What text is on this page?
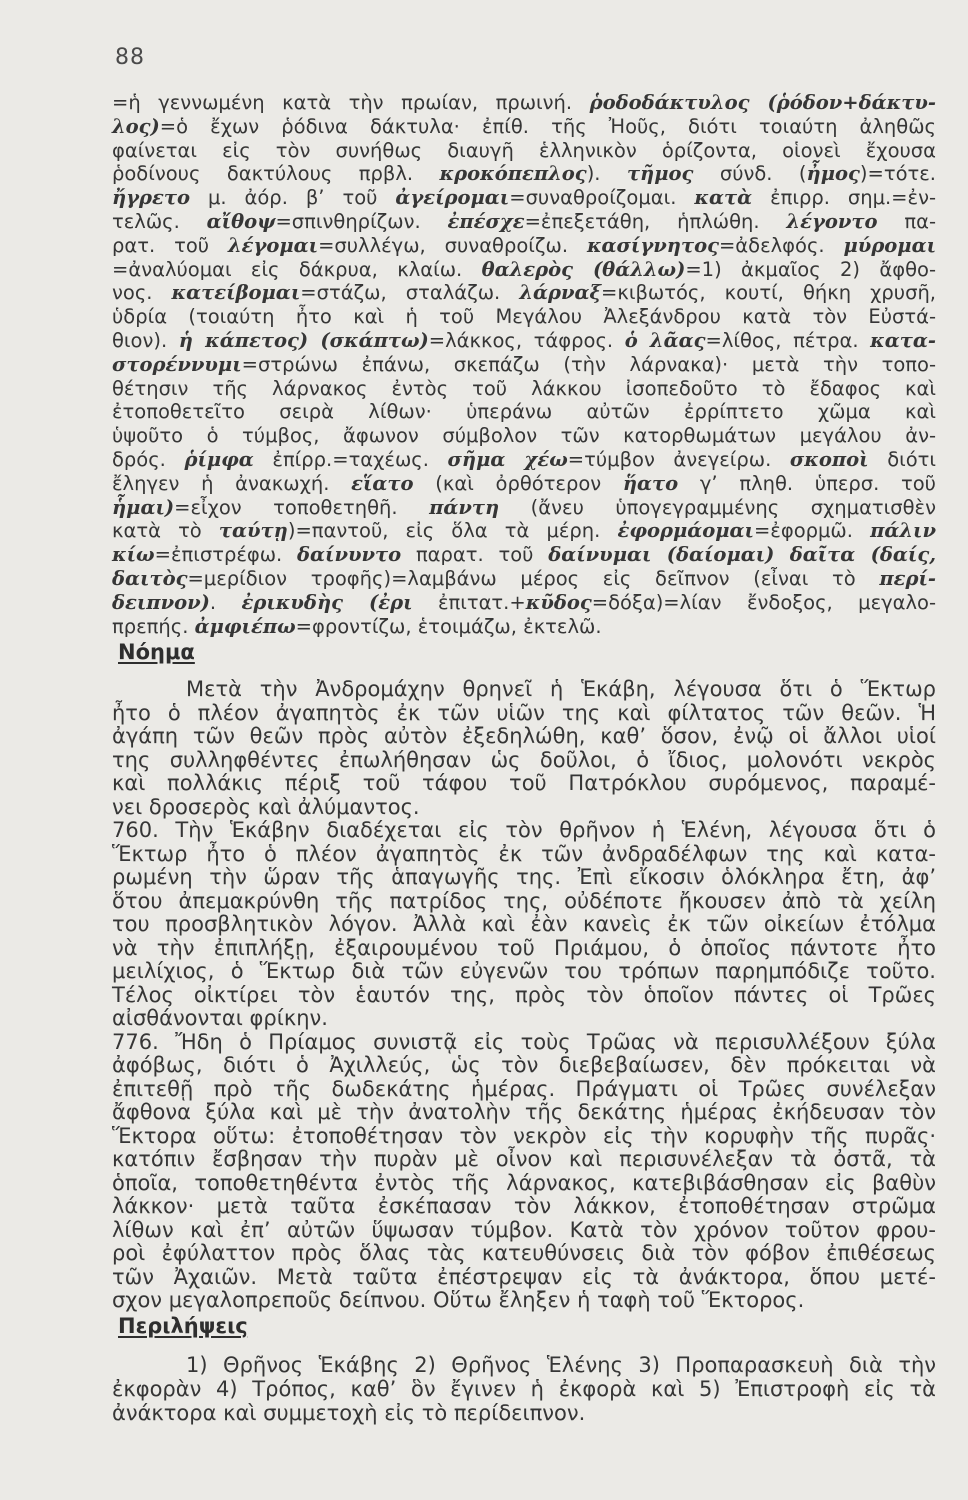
88
=ἡ γεννωμένη κατὰ τὴν πρωίαν, πρωινή. ῥοδοδάκτυλος (ῥόδον+δάκτυ-
λος)=ὁ ἔχων ῥόδινα δάκτυλα· ἐπίθ. τῆς Ἠοῦς, διότι τοιαύτη ἀληθῶς
φαίνεται εἰς τὸν συνήθως διαυγῆ ἑλληνικὸν ὁρίζοντα, οἱονεὶ ἔχουσα
ῥοδίνους δακτύλους πρβλ. κροκόπεπλος). τῆμος σύνδ. (ἦμος)=τότε.
ἤγρετο μ. ἀόρ. β’ τοῦ ἀγείρομαι=συναθροίζομαι. κατὰ ἐπιρρ. σημ.=ἐν-
τελῶς. αἴθοψ=σπινθηρίζων. ἐπέσχε=ἐπεξετάθη, ἡπλώθη. λέγοντο πα-
ρατ. τοῦ λέγομαι=συλλέγω, συναθροίζω. κασίγνητος=ἀδελφός. μύρομαι
=ἀναλύομαι εἰς δάκρυα, κλαίω. θαλερὸς (θάλλω)=1) ἀκμαῖος 2) ἄφθο-
νος. κατείβομαι=στάζω, σταλάζω. λάρναξ=κιβωτός, κουτί, θήκη χρυσῆ,
ὑδρία (τοιαύτη ἦτο καὶ ἡ τοῦ Μεγάλου Ἀλεξάνδρου κατὰ τὸν Εὐστά-
θιον). ἡ κάπετος) (σκάπτω)=λάκκος, τάφρος. ὁ λᾶας=λίθος, πέτρα. κατα-
στορέννυμι=στρώνω ἐπάνω, σκεπάζω (τὴν λάρνακα)· μετὰ τὴν τοπο-
θέτησιν τῆς λάρνακος ἐντὸς τοῦ λάκκου ἰσοπεδοῦτο τὸ ἔδαφος καὶ
ἐτοποθετεῖτο σειρὰ λίθων· ὑπεράνω αὐτῶν ἐρρίπτετο χῶμα καὶ
ὑψοῦτο ὁ τύμβος, ἄφωνον σύμβολον τῶν κατορθωμάτων μεγάλου ἀν-
δρός. ῥίμφα ἐπίρρ.=ταχέως. σῆμα χέω=τύμβον ἀνεγείρω. σκοποὶ διότι
ἔληγεν ἡ ἀνακωχή. εἵατο (καὶ ὀρθότερον ἥατο γ’ πληθ. ὑπερσ. τοῦ
ἧμαι)=εἶχον τοποθετηθῆ. πάντη (ἄνευ ὑπογεγραμμένης σχηματισθὲν
κατὰ τὸ ταύτῃ)=παντοῦ, εἰς ὅλα τὰ μέρη. ἐφορμάομαι=ἐφορμῶ. πάλιν
κίω=ἐπιστρέφω. δαίνυντο παρατ. τοῦ δαίνυμαι (δαίομαι) δαῖτα (δαίς,
δαιτὸς=μερίδιον τροφῆς)=λαμβάνω μέρος εἰς δεῖπνον (εἶναι τὸ περί-
δειπνον). ἐρικυδὴς (ἐρι ἐπιτατ.+κῦδος=δόξα)=λίαν ἔνδοξος, μεγαλο-
πρεπής. ἀμφιέπω=φροντίζω, ἑτοιμάζω, ἐκτελῶ.
Νόημα
Μετὰ τὴν Ἀνδρομάχην θρηνεῖ ἡ Ἑκάβη, λέγουσα ὅτι ὁ Ἕκτωρ
ἦτο ὁ πλέον ἀγαπητὸς ἐκ τῶν υἱῶν της καὶ φίλτατος τῶν θεῶν. Ἡ
ἀγάπη τῶν θεῶν πρὸς αὐτὸν ἐξεδηλώθη, καθ’ ὅσον, ἐνῷ οἱ ἄλλοι υἱοί
της συλληφθέντες ἐπωλήθησαν ὡς δοῦλοι, ὁ ἴδιος, μολονότι νεκρὸς
καὶ πολλάκις πέριξ τοῦ τάφου τοῦ Πατρόκλου συρόμενος, παραμέ-
νει δροσερὸς καὶ ἀλύμαντος.
760. Τὴν Ἑκάβην διαδέχεται εἰς τὸν θρῆνον ἡ Ἑλένη, λέγουσα ὅτι ὁ
Ἕκτωρ ἦτο ὁ πλέον ἀγαπητὸς ἐκ τῶν ἀνδραδέλφων της καὶ κατα-
ρωμένη τὴν ὥραν τῆς ἁπαγωγῆς της. Ἐπὶ εἴκοσιν ὁλόκληρα ἔτη, ἀφ’
ὅτου ἀπεμακρύνθη τῆς πατρίδος της, οὐδέποτε ἤκουσεν ἀπὸ τὰ χείλη
του προσβλητικὸν λόγον. Ἀλλὰ καὶ ἐὰν κανεὶς ἐκ τῶν οἰκείων ἐτόλμα
νὰ τὴν ἐπιπλήξῃ, ἐξαιρουμένου τοῦ Πριάμου, ὁ ὁποῖος πάντοτε ἦτο
μειλίχιος, ὁ Ἕκτωρ διὰ τῶν εὐγενῶν του τρόπων παρημπόδιζε τοῦτο.
Τέλος οἰκτίρει τὸν ἑαυτόν της, πρὸς τὸν ὁποῖον πάντες οἱ Τρῶες
αἰσθάνονται φρίκην.
776. Ἤδη ὁ Πρίαμος συνιστᾷ εἰς τοὺς Τρῶας νὰ περισυλλέξουν ξύλα
ἀφόβως, διότι ὁ Ἀχιλλεύς, ὡς τὸν διεβεβαίωσεν, δὲν πρόκειται νὰ
ἐπιτεθῇ πρὸ τῆς δωδεκάτης ἡμέρας. Πράγματι οἱ Τρῶες συνέλεξαν
ἄφθονα ξύλα καὶ μὲ τὴν ἀνατολὴν τῆς δεκάτης ἡμέρας ἐκήδευσαν τὸν
Ἕκτορα οὕτω: ἐτοποθέτησαν τὸν νεκρὸν εἰς τὴν κορυφὴν τῆς πυρᾶς·
κατόπιν ἔσβησαν τὴν πυρὰν μὲ οἶνον καὶ περισυνέλεξαν τὰ ὀστᾶ, τὰ
ὁποῖα, τοποθετηθέντα ἐντὸς τῆς λάρνακος, κατεβιβάσθησαν εἰς βαθὺν
λάκκον· μετὰ ταῦτα ἐσκέπασαν τὸν λάκκον, ἐτοποθέτησαν στρῶμα
λίθων καὶ ἐπ’ αὐτῶν ὕψωσαν τύμβον. Κατὰ τὸν χρόνον τοῦτον φρου-
ροὶ ἐφύλαττον πρὸς ὅλας τὰς κατευθύνσεις διὰ τὸν φόβον ἐπιθέσεως
τῶν Ἀχαιῶν. Μετὰ ταῦτα ἐπέστρεψαν εἰς τὰ ἀνάκτορα, ὅπου μετέ-
σχον μεγαλοπρεποῦς δείπνου. Οὕτω ἔληξεν ἡ ταφὴ τοῦ Ἕκτορος.
Περιλήψεις
1) Θρῆνος Ἑκάβης 2) Θρῆνος Ἑλένης 3) Προπαρασκευὴ διὰ τὴν
ἐκφορὰν 4) Τρόπος, καθ’ ὃν ἔγινεν ἡ ἐκφορὰ καὶ 5) Ἐπιστροφὴ εἰς τὰ
ἀνάκτορα καὶ συμμετοχὴ εἰς τὸ περίδειπνον.
